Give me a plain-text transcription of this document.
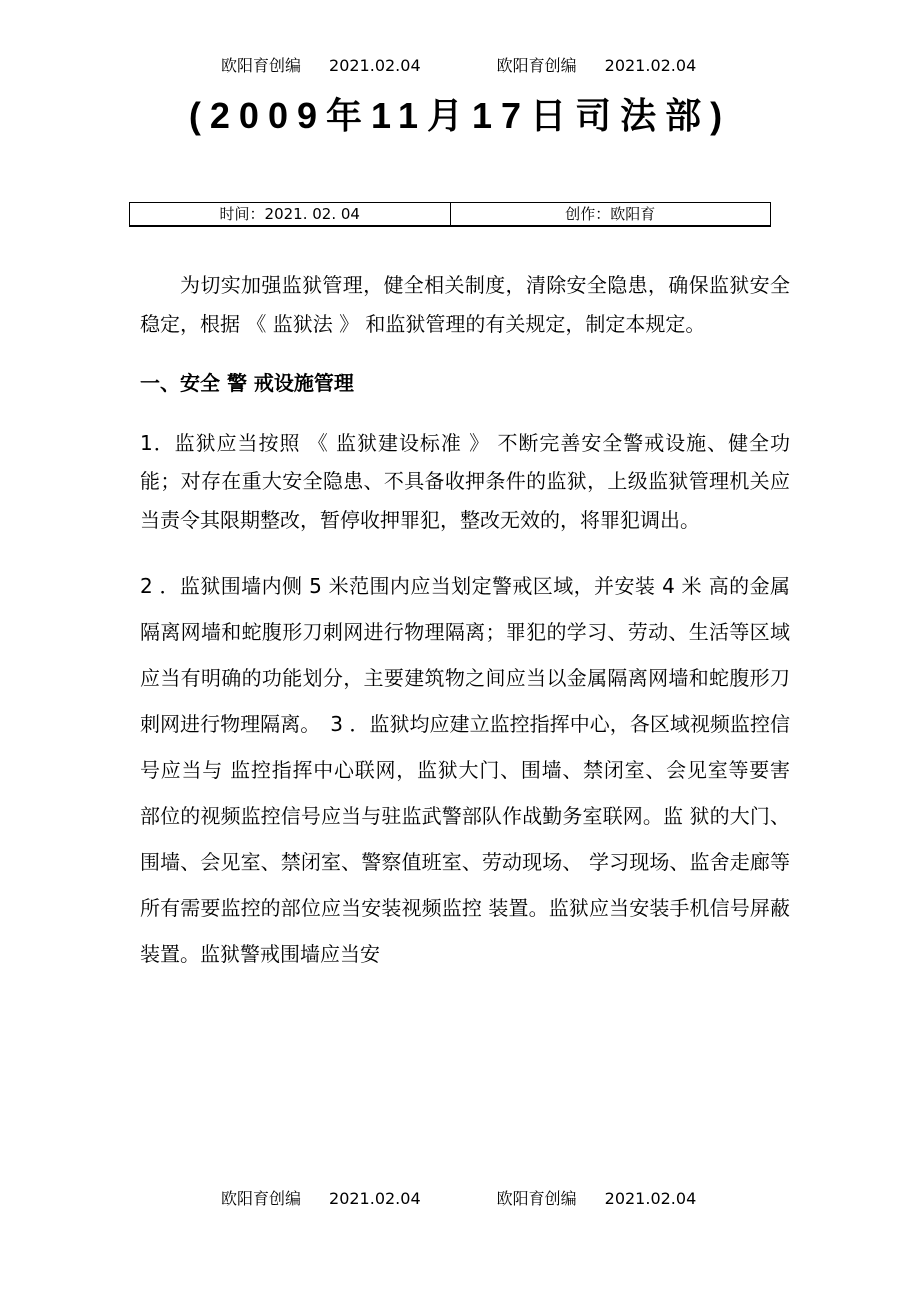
欧阳育创编 2021.02.04	欧阳育创编 2021.02.04
(2009年11月17日司法部)
时间：2021. 02. 04	创作：欧阳育

为切实加强监狱管理，健全相关制度，清除安全隐患，确保监狱安全稳定，根据 《 监狱法 》 和监狱管理的有关规定，制定本规定。

一、安全 警 戒设施管理

1．监狱应当按照 《 监狱建设标准 》 不断完善安全警戒设施、健全功能；对存在重大安全隐患、不具备收押条件的监狱，上级监狱管理机关应当责令其限期整改，暂停收押罪犯，整改无效的，将罪犯调出。

2 ．监狱围墙内侧 5 米范围内应当划定警戒区域，并安装 4 米 高的金属隔离网墙和蛇腹形刀刺网进行物理隔离；罪犯的学习、劳动、生活等区域应当有明确的功能划分，主要建筑物之间应当以金属隔离网墙和蛇腹形刀刺网进行物理隔离。　3 ．监狱均应建立监控指挥中心，各区域视频监控信号应当与 监控指挥中心联网，监狱大门、围墙、禁闭室、会见室等要害 部位的视频监控信号应当与驻监武警部队作战勤务室联网。监 狱的大门、围墙、会见室、禁闭室、警察值班室、劳动现场、 学习现场、监舍走廊等所有需要监控的部位应当安装视频监控 装置。监狱应当安装手机信号屏蔽装置。监狱警戒围墙应当安

欧阳育创编 2021.02.04	欧阳育创编 2021.02.04
